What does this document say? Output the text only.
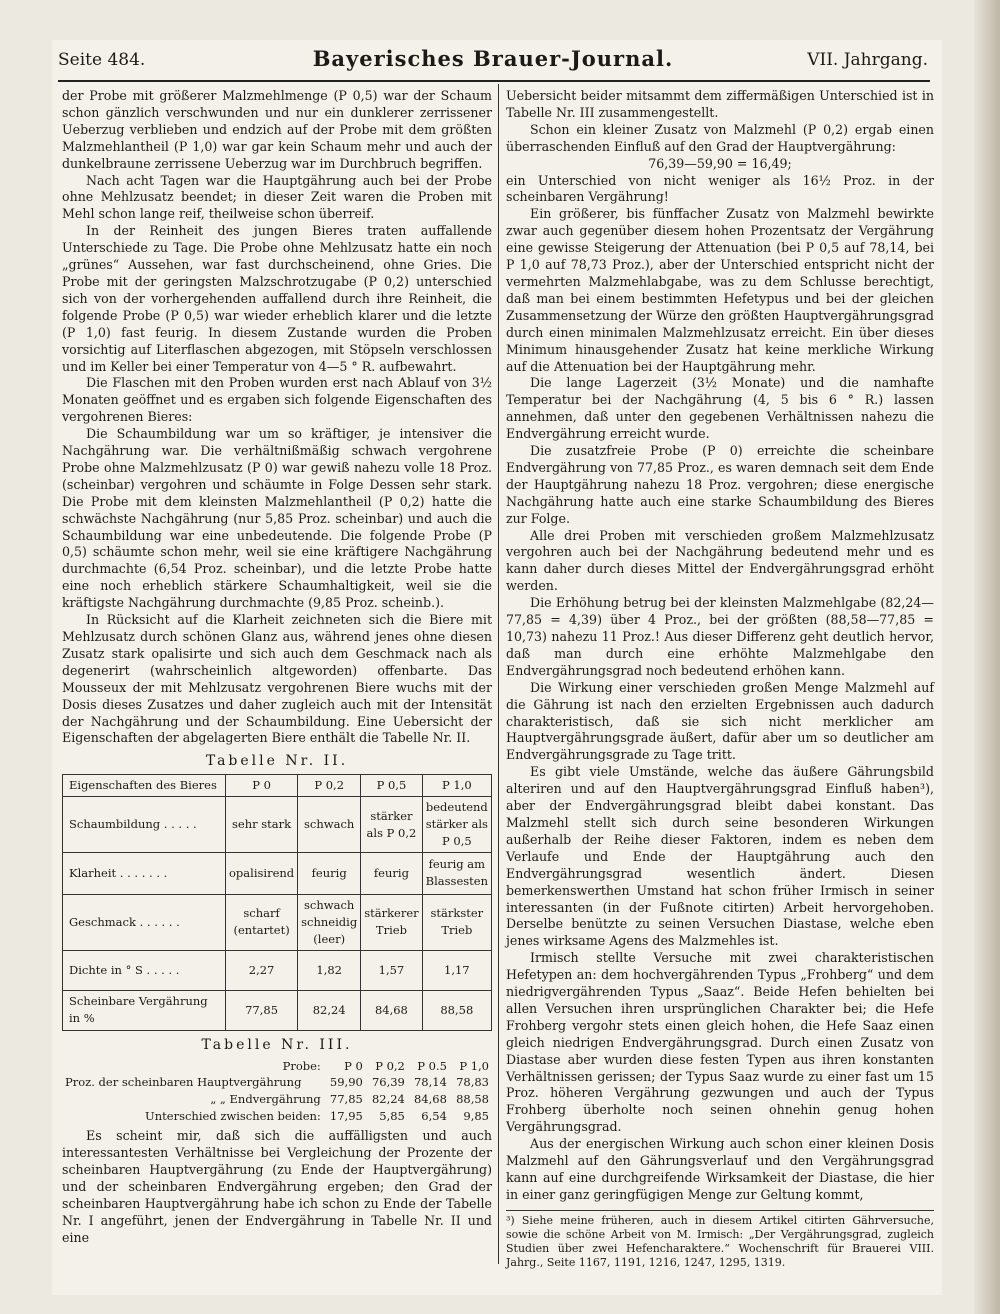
Seite 484.	Bayerisches Brauer-Journal.	VII. Jahrgang.

der Probe mit größerer Malzmehlmenge (P 0,5) war der Schaum schon gänzlich verschwunden und nur ein dunklerer zerrissener Ueberzug verblieben und endzich auf der Probe mit dem größten Malzmehlantheil (P 1,0) war gar kein Schaum mehr und auch der dunkelbraune zerrissene Ueberzug war im Durchbruch begriffen.

Nach acht Tagen war die Hauptgährung auch bei der Probe ohne Mehlzusatz beendet; in dieser Zeit waren die Proben mit Mehl schon lange reif, theilweise schon überreif.

In der Reinheit des jungen Bieres traten auffallende Unterschiede zu Tage. Die Probe ohne Mehlzusatz hatte ein noch „grünes“ Aussehen, war fast durchscheinend, ohne Gries. Die Probe mit der geringsten Malzschrotzugabe (P 0,2) unterschied sich von der vorhergehenden auffallend durch ihre Reinheit, die folgende Probe (P 0,5) war wieder erheblich klarer und die letzte (P 1,0) fast feurig. In diesem Zustande wurden die Proben vorsichtig auf Literflaschen abgezogen, mit Stöpseln verschlossen und im Keller bei einer Temperatur von 4—5 ° R. aufbewahrt.

Die Flaschen mit den Proben wurden erst nach Ablauf von 3½ Monaten geöffnet und es ergaben sich folgende Eigenschaften des vergohrenen Bieres:

Die Schaumbildung war um so kräftiger, je intensiver die Nachgährung war. Die verhältnißmäßig schwach vergohrene Probe ohne Malzmehlzusatz (P 0) war gewiß nahezu volle 18 Proz. (scheinbar) vergohren und schäumte in Folge Dessen sehr stark. Die Probe mit dem kleinsten Malzmehlantheil (P 0,2) hatte die schwächste Nachgährung (nur 5,85 Proz. scheinbar) und auch die Schaumbildung war eine unbedeutende. Die folgende Probe (P 0,5) schäumte schon mehr, weil sie eine kräftigere Nachgährung durchmachte (6,54 Proz. scheinbar), und die letzte Probe hatte eine noch erheblich stärkere Schaumhaltigkeit, weil sie die kräftigste Nachgährung durchmachte (9,85 Proz. scheinb.).

In Rücksicht auf die Klarheit zeichneten sich die Biere mit Mehlzusatz durch schönen Glanz aus, während jenes ohne diesen Zusatz stark opalisirte und sich auch dem Geschmack nach als degenerirt (wahrscheinlich altgeworden) offenbarte. Das Mousseux der mit Mehlzusatz vergohrenen Biere wuchs mit der Dosis dieses Zusatzes und daher zugleich auch mit der Intensität der Nachgährung und der Schaumbildung. Eine Uebersicht der Eigenschaften der abgelagerten Biere enthält die Tabelle Nr. II.

Tabelle Nr. II.
Eigenschaften des Bieres	P 0	P 0,2	P 0,5	P 1,0
Schaumbildung . . . . .	sehr stark	schwach	stärker als P 0,2	bedeutend stärker als P 0,5
Klarheit . . . . . . .	opalisirend	feurig	feurig	feurig am Blassesten
Geschmack . . . . . .	scharf (entartet)	schwach schneidig (leer)	stärkerer Trieb	stärkster Trieb
Dichte in ° S . . . . .	2,27	1,82	1,57	1,17
Scheinbare Vergährung in %	77,85	82,24	84,68	88,58
Tabelle Nr. III.
Probe:	P 0	P 0,2	P 0.5	P 1,0
Proz. der scheinbaren Hauptvergährung	59,90	76,39	78,14	78,83
„ „ Endvergährung	77,85	82,24	84,68	88,58
Unterschied zwischen beiden:	17,95	5,85	6,54	9,85

Es scheint mir, daß sich die auffälligsten und auch interessantesten Verhältnisse bei Vergleichung der Prozente der scheinbaren Hauptvergährung (zu Ende der Hauptvergährung) und der scheinbaren Endvergährung ergeben; den Grad der scheinbaren Hauptvergährung habe ich schon zu Ende der Tabelle Nr. I angeführt, jenen der Endvergährung in Tabelle Nr. II und eine

Uebersicht beider mitsammt dem ziffermäßigen Unterschied ist in Tabelle Nr. III zusammengestellt.

Schon ein kleiner Zusatz von Malzmehl (P 0,2) ergab einen überraschenden Einfluß auf den Grad der Hauptvergährung:

76,39—59,90 = 16,49;

ein Unterschied von nicht weniger als 16½ Proz. in der scheinbaren Vergährung!

Ein größerer, bis fünffacher Zusatz von Malzmehl bewirkte zwar auch gegenüber diesem hohen Prozentsatz der Vergährung eine gewisse Steigerung der Attenuation (bei P 0,5 auf 78,14, bei P 1,0 auf 78,73 Proz.), aber der Unterschied entspricht nicht der vermehrten Malzmehlabgabe, was zu dem Schlusse berechtigt, daß man bei einem bestimmten Hefetypus und bei der gleichen Zusammensetzung der Würze den größten Hauptvergährungsgrad durch einen minimalen Malzmehlzusatz erreicht. Ein über dieses Minimum hinausgehender Zusatz hat keine merkliche Wirkung auf die Attenuation bei der Hauptgährung mehr.

Die lange Lagerzeit (3½ Monate) und die namhafte Temperatur bei der Nachgährung (4, 5 bis 6 ° R.) lassen annehmen, daß unter den gegebenen Verhältnissen nahezu die Endvergährung erreicht wurde.

Die zusatzfreie Probe (P 0) erreichte die scheinbare Endvergährung von 77,85 Proz., es waren demnach seit dem Ende der Hauptgährung nahezu 18 Proz. vergohren; diese energische Nachgährung hatte auch eine starke Schaumbildung des Bieres zur Folge.

Alle drei Proben mit verschieden großem Malzmehlzusatz vergohren auch bei der Nachgährung bedeutend mehr und es kann daher durch dieses Mittel der Endvergährungsgrad erhöht werden.

Die Erhöhung betrug bei der kleinsten Malzmehlgabe (82,24—77,85 = 4,39) über 4 Proz., bei der größten (88,58—77,85 = 10,73) nahezu 11 Proz.! Aus dieser Differenz geht deutlich hervor, daß man durch eine erhöhte Malzmehlgabe den Endvergährungsgrad noch bedeutend erhöhen kann.

Die Wirkung einer verschieden großen Menge Malzmehl auf die Gährung ist nach den erzielten Ergebnissen auch dadurch charakteristisch, daß sie sich nicht merklicher am Hauptvergährungsgrade äußert, dafür aber um so deutlicher am Endvergährungsgrade zu Tage tritt.

Es gibt viele Umstände, welche das äußere Gährungsbild alteriren und auf den Hauptvergährungsgrad Einfluß haben³), aber der Endvergährungsgrad bleibt dabei konstant. Das Malzmehl stellt sich durch seine besonderen Wirkungen außerhalb der Reihe dieser Faktoren, indem es neben dem Verlaufe und Ende der Hauptgährung auch den Endvergährungsgrad wesentlich ändert. Diesen bemerkenswerthen Umstand hat schon früher Irmisch in seiner interessanten (in der Fußnote citirten) Arbeit hervorgehoben. Derselbe benützte zu seinen Versuchen Diastase, welche eben jenes wirksame Agens des Malzmehles ist.

Irmisch stellte Versuche mit zwei charakteristischen Hefetypen an: dem hochvergährenden Typus „Frohberg“ und dem niedrigvergährenden Typus „Saaz“. Beide Hefen behielten bei allen Versuchen ihren ursprünglichen Charakter bei; die Hefe Frohberg vergohr stets einen gleich hohen, die Hefe Saaz einen gleich niedrigen Endvergährungsgrad. Durch einen Zusatz von Diastase aber wurden diese festen Typen aus ihren konstanten Verhältnissen gerissen; der Typus Saaz wurde zu einer fast um 15 Proz. höheren Vergährung gezwungen und auch der Typus Frohberg überholte noch seinen ohnehin genug hohen Vergährungsgrad.

Aus der energischen Wirkung auch schon einer kleinen Dosis Malzmehl auf den Gährungsverlauf und den Vergährungsgrad kann auf eine durchgreifende Wirksamkeit der Diastase, die hier in einer ganz geringfügigen Menge zur Geltung kommt,

³) Siehe meine früheren, auch in diesem Artikel citirten Gährversuche, sowie die schöne Arbeit von M. Irmisch: „Der Vergährungsgrad, zugleich Studien über zwei Hefencharaktere.“ Wochenschrift für Brauerei VIII. Jahrg., Seite 1167, 1191, 1216, 1247, 1295, 1319.
